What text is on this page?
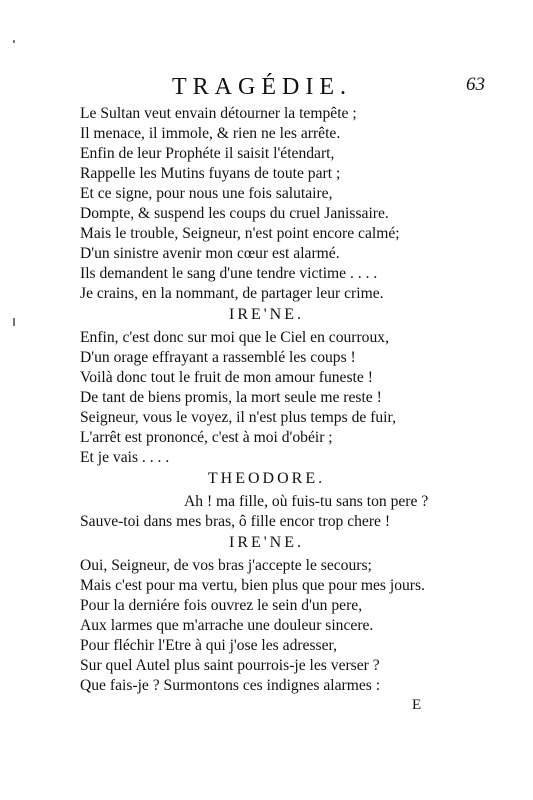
TRAGÉDIE.	63
Le Sultan veut envain détourner la tempête ;
Il menace, il immole, & rien ne les arrête.
Enfin de leur Prophéte il saisit l'étendart,
Rappelle les Mutins fuyans de toute part ;
Et ce signe, pour nous une fois salutaire,
Dompte, & suspend les coups du cruel Janissaire.
Mais le trouble, Seigneur, n'est point encore calmé;
D'un sinistre avenir mon cœur est alarmé.
Ils demandent le sang d'une tendre victime . . . .
Je crains, en la nommant, de partager leur crime.
IRE'NE.
Enfin, c'est donc sur moi que le Ciel en courroux,
D'un orage effrayant a rassemblé les coups !
Voilà donc tout le fruit de mon amour funeste !
De tant de biens promis, la mort seule me reste !
Seigneur, vous le voyez, il n'est plus temps de fuir,
L'arrêt est prononcé, c'est à moi d'obéir ;
Et je vais . . . .
THEODORE.
Ah ! ma fille, où fuis-tu sans ton pere ?
Sauve-toi dans mes bras, ô fille encor trop chere !
IRE'NE.
Oui, Seigneur, de vos bras j'accepte le secours;
Mais c'est pour ma vertu, bien plus que pour mes jours.
Pour la derniére fois ouvrez le sein d'un pere,
Aux larmes que m'arrache une douleur sincere.
Pour fléchir l'Etre à qui j'ose les adresser,
Sur quel Autel plus saint pourrois-je les verser ?
Que fais-je ? Surmontons ces indignes alarmes :
E
